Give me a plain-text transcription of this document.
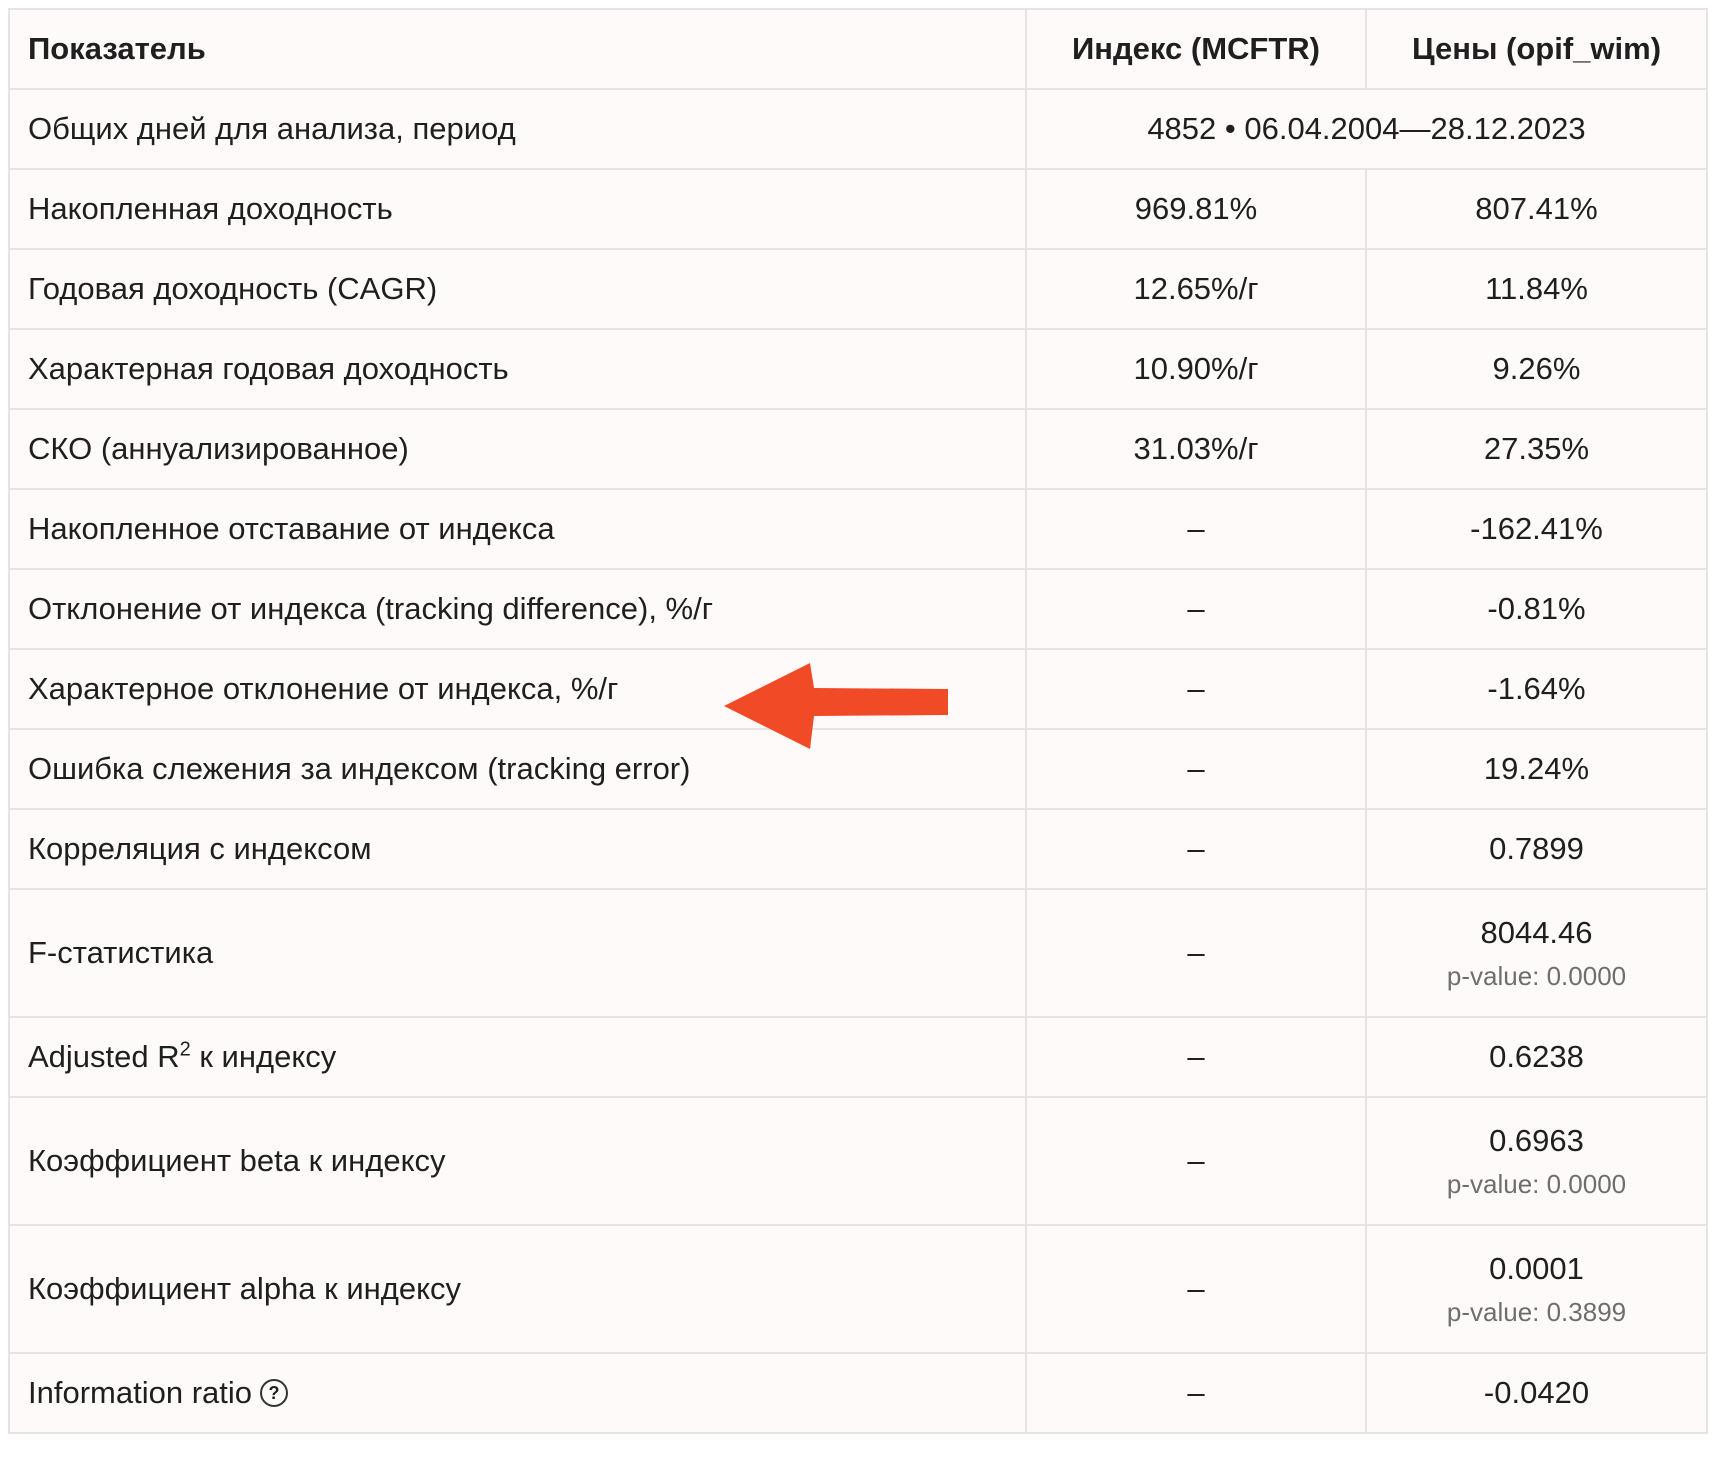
Показатель	Индекс (MCFTR)	Цены (opif_wim)
Общих дней для анализа, период	4852 • 06.04.2004—28.12.2023	
Накопленная доходность	969.81%	807.41%
Годовая доходность (CAGR)	12.65%/г	11.84%
Характерная годовая доходность	10.90%/г	9.26%
СКО (аннуализированное)	31.03%/г	27.35%
Накопленное отставание от индекса	–	-162.41%
Отклонение от индекса (tracking difference), %/г	–	-0.81%
Характерное отклонение от индекса, %/г	–	-1.64%
Ошибка слежения за индексом (tracking error)	–	19.24%
Корреляция с индексом	–	0.7899
F-статистика	–	8044.46
p-value: 0.0000

Adjusted $R^2$ к индексу	–	0.6238
Коэффициент beta к индексу	–	0.6963
p-value: 0.0000

Коэффициент alpha к индексу	–	0.0001
p-value: 0.3899

Information ratio ?	–	-0.0420
